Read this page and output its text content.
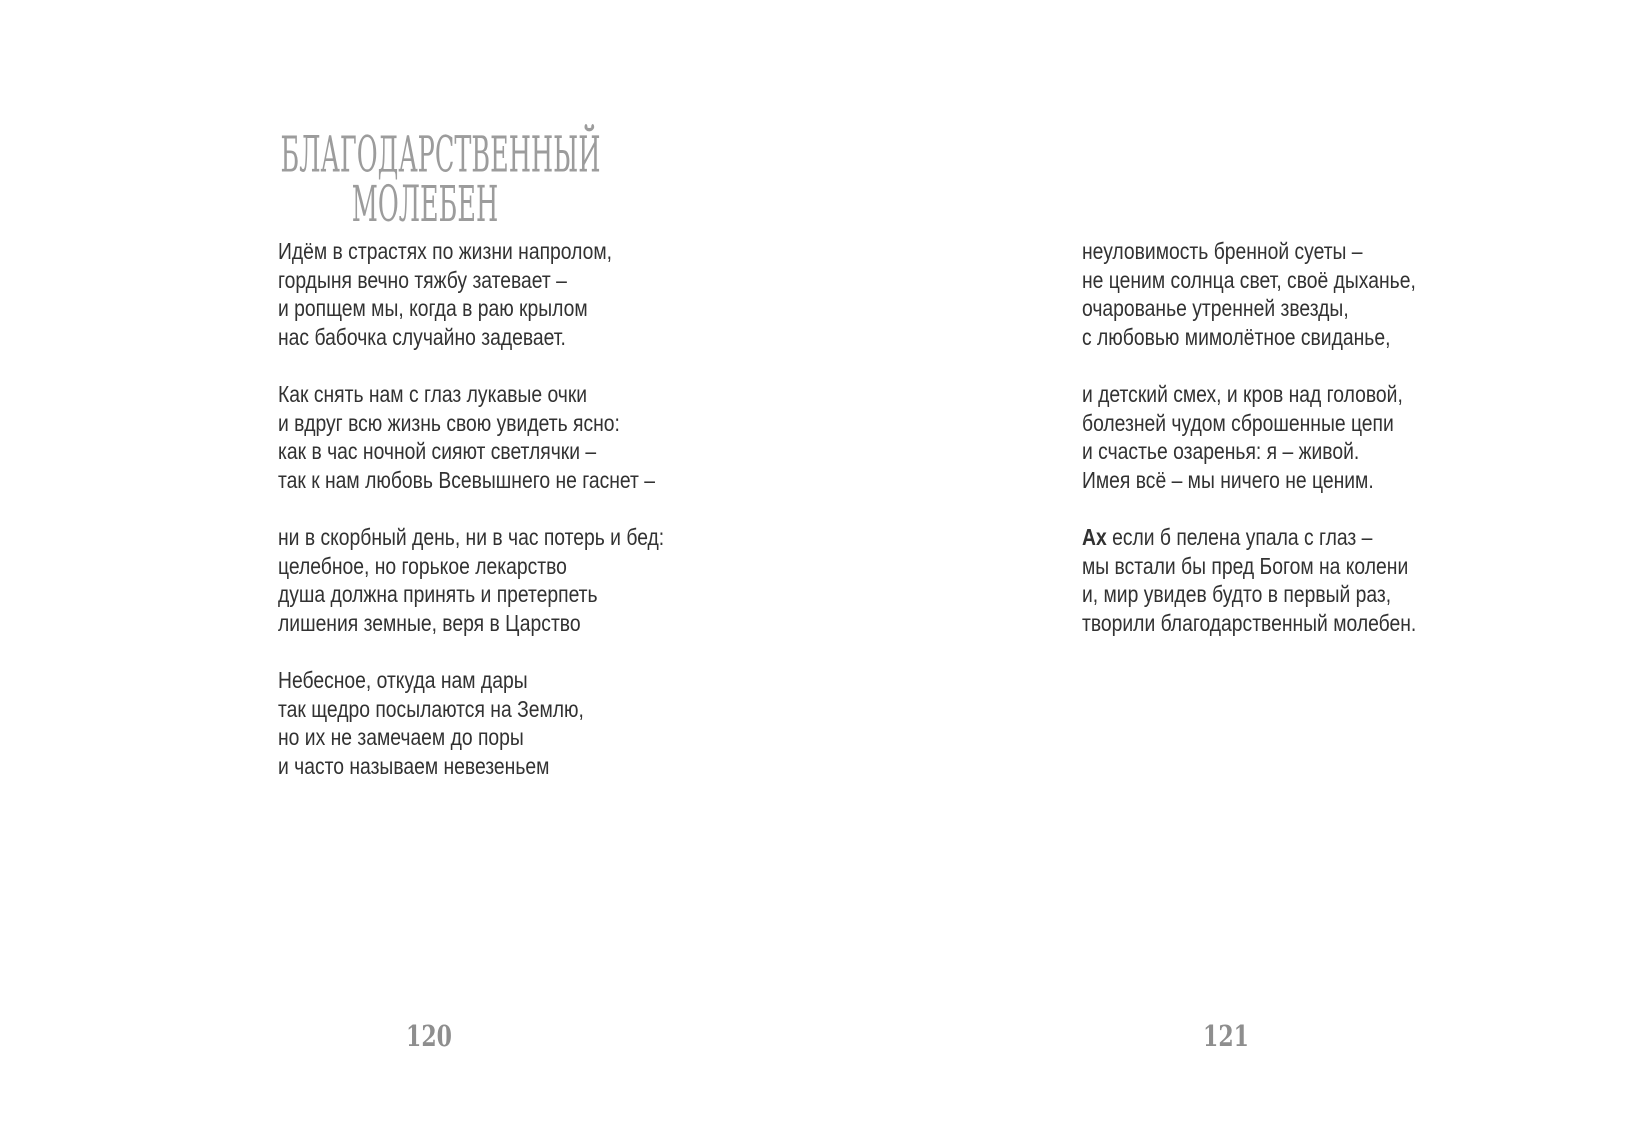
БЛАГОДАРСТВЕННЫЙ
МОЛЕБЕН
Идём в страстях по жизни напролом,
гордыня вечно тяжбу затевает –
и ропщем мы, когда в раю крылом
нас бабочка случайно задевает.
Как снять нам с глаз лукавые очки
и вдруг всю жизнь свою увидеть ясно:
как в час ночной сияют светлячки –
так к нам любовь Всевышнего не гаснет –
ни в скорбный день, ни в час потерь и бед:
целебное, но горькое лекарство
душа должна принять и претерпеть
лишения земные, веря в Царство
Небесное, откуда нам дары
так щедро посылаются на Землю,
но их не замечаем до поры
и часто называем невезеньем
неуловимость бренной суеты –
не ценим солнца свет, своё дыханье,
очарованье утренней звезды,
с любовью мимолётное свиданье,
и детский смех, и кров над головой,
болезней чудом сброшенные цепи
и счастье озаренья: я – живой.
Имея всё – мы ничего не ценим.
Ах если б пелена упала с глаз –
мы встали бы пред Богом на колени
и, мир увидев будто в первый раз,
творили благодарственный молебен.
120	121
